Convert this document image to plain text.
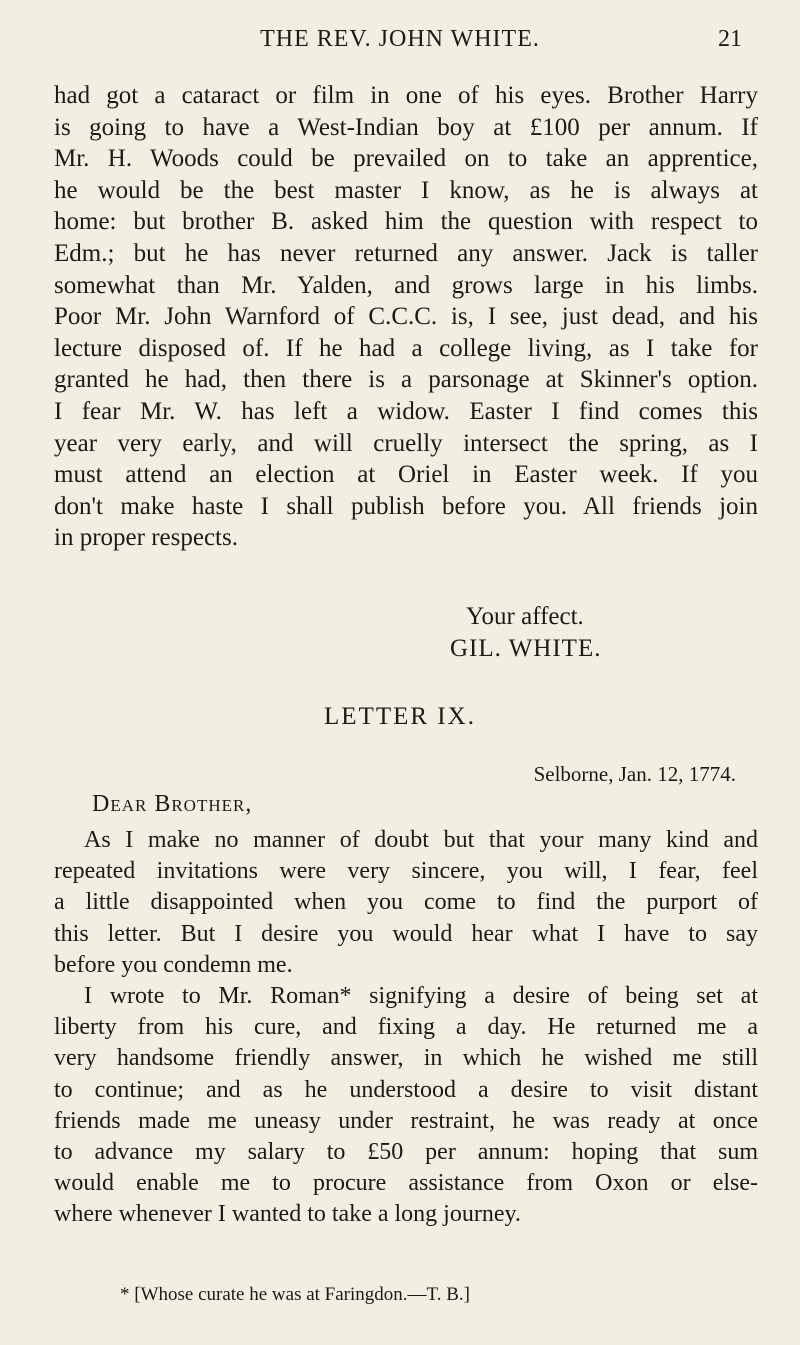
THE REV. JOHN WHITE.	21
had got a cataract or film in one of his eyes. Brother Harry
is going to have a West-Indian boy at £100 per annum. If
Mr. H. Woods could be prevailed on to take an apprentice,
he would be the best master I know, as he is always at
home: but brother B. asked him the question with respect to
Edm.; but he has never returned any answer. Jack is taller
somewhat than Mr. Yalden, and grows large in his limbs.
Poor Mr. John Warnford of C.C.C. is, I see, just dead, and his
lecture disposed of. If he had a college living, as I take for
granted he had, then there is a parsonage at Skinner's option.
I fear Mr. W. has left a widow. Easter I find comes this
year very early, and will cruelly intersect the spring, as I
must attend an election at Oriel in Easter week. If you
don't make haste I shall publish before you. All friends join
in proper respects.
Your affect.
GIL. WHITE.
LETTER IX.
Selborne, Jan. 12, 1774.
Dear Brother,
As I make no manner of doubt but that your many kind and
repeated invitations were very sincere, you will, I fear, feel
a little disappointed when you come to find the purport of
this letter. But I desire you would hear what I have to say
before you condemn me.
I wrote to Mr. Roman* signifying a desire of being set at
liberty from his cure, and fixing a day. He returned me a
very handsome friendly answer, in which he wished me still
to continue; and as he understood a desire to visit distant
friends made me uneasy under restraint, he was ready at once
to advance my salary to £50 per annum: hoping that sum
would enable me to procure assistance from Oxon or else-
where whenever I wanted to take a long journey.
* [Whose curate he was at Faringdon.—T. B.]
